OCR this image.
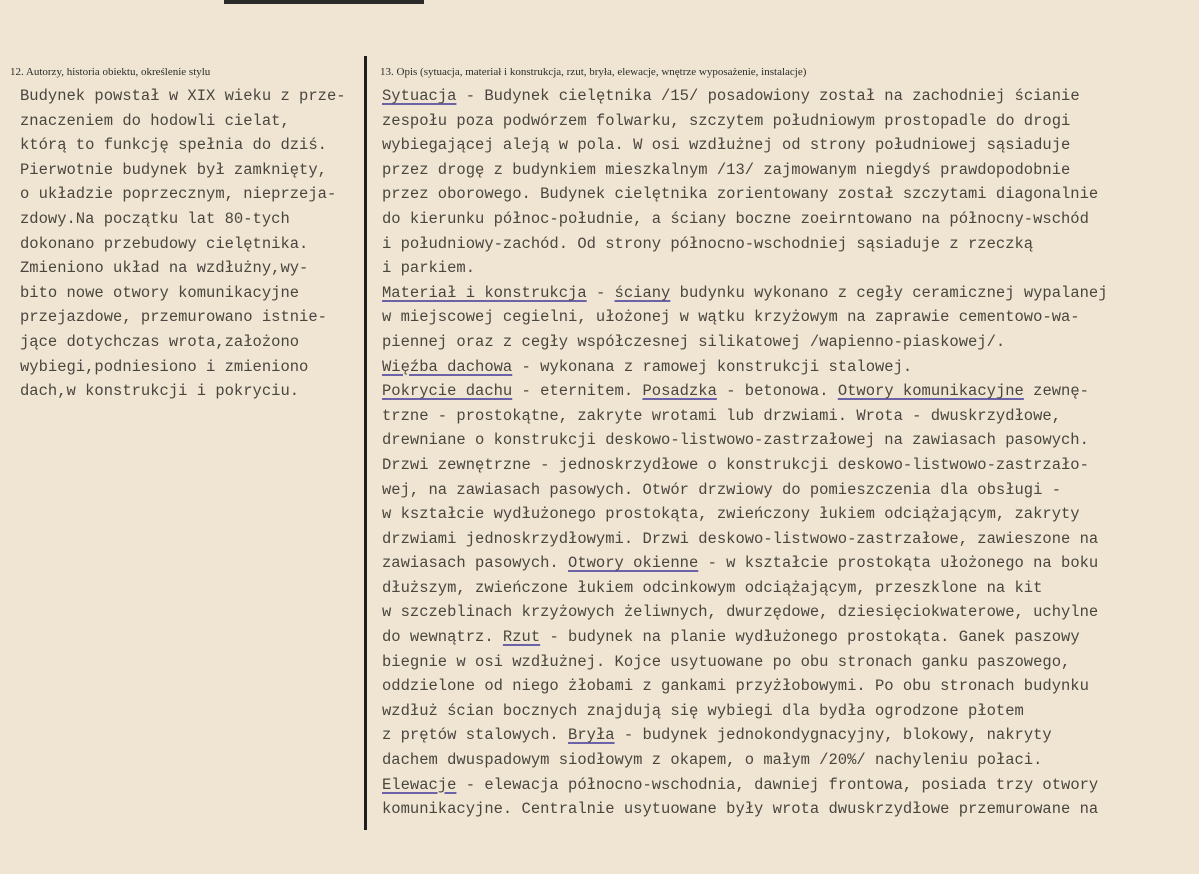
12. Autorzy, historia obiektu, określenie stylu	13. Opis (sytuacja, materiał i konstrukcja, rzut, bryła, elewacje, wnętrze wyposażenie, instalacje)
Budynek powstał w XIX wieku z prze-
znaczeniem do hodowli cielat,
którą to funkcję spełnia do dziś.
Pierwotnie budynek był zamknięty,
o układzie poprzecznym, nieprzeja-
zdowy.Na początku lat 80-tych
dokonano przebudowy cielętnika.
Zmieniono układ na wzdłużny,wy-
bito nowe otwory komunikacyjne
przejazdowe, przemurowano istnie-
jące dotychczas wrota,założono
wybiegi,podniesiono i zmieniono
dach,w konstrukcji i pokryciu.
Sytuacja - Budynek cielętnika /15/ posadowiony został na zachodniej ścianie
zespołu poza podwórzem folwarku, szczytem południowym prostopadle do drogi
wybiegającej aleją w pola. W osi wzdłużnej od strony południowej sąsiaduje
przez drogę z budynkiem mieszkalnym /13/ zajmowanym niegdyś prawdopodobnie
przez oborowego. Budynek cielętnika zorientowany został szczytami diagonalnie
do kierunku północ-południe, a ściany boczne zoeirntowano na północny-wschód
i południowy-zachód. Od strony północno-wschodniej sąsiaduje z rzeczką
i parkiem.
Materiał i konstrukcja - ściany budynku wykonano z cegły ceramicznej wypalanej
w miejscowej cegielni, ułożonej w wątku krzyżowym na zaprawie cementowo-wa-
piennej oraz z cegły współczesnej silikatowej /wapienno-piaskowej/.
Więźba dachowa - wykonana z ramowej konstrukcji stalowej.
Pokrycie dachu - eternitem. Posadzka - betonowa. Otwory komunikacyjne zewnę-
trzne - prostokątne, zakryte wrotami lub drzwiami. Wrota - dwuskrzydłowe,
drewniane o konstrukcji deskowo-listwowo-zastrzałowej na zawiasach pasowych.
Drzwi zewnętrzne - jednoskrzydłowe o konstrukcji deskowo-listwowo-zastrzało-
wej, na zawiasach pasowych. Otwór drzwiowy do pomieszczenia dla obsługi -
w kształcie wydłużonego prostokąta, zwieńczony łukiem odciążającym, zakryty
drzwiami jednoskrzydłowymi. Drzwi deskowo-listwowo-zastrzałowe, zawieszone na
zawiasach pasowych. Otwory okienne - w kształcie prostokąta ułożonego na boku
dłuższym, zwieńczone łukiem odcinkowym odciążającym, przeszklone na kit
w szczeblinach krzyżowych żeliwnych, dwurzędowe, dziesięciokwaterowe, uchylne
do wewnątrz. Rzut - budynek na planie wydłużonego prostokąta. Ganek paszowy
biegnie w osi wzdłużnej. Kojce usytuowane po obu stronach ganku paszowego,
oddzielone od niego żłobami z gankami przyżłobowymi. Po obu stronach budynku
wzdłuż ścian bocznych znajdują się wybiegi dla bydła ogrodzone płotem
z prętów stalowych. Bryła - budynek jednokondygnacyjny, blokowy, nakryty
dachem dwuspadowym siodłowym z okapem, o małym /20%/ nachyleniu połaci.
Elewacje - elewacja północno-wschodnia, dawniej frontowa, posiada trzy otwory
komunikacyjne. Centralnie usytuowane były wrota dwuskrzydłowe przemurowane na
